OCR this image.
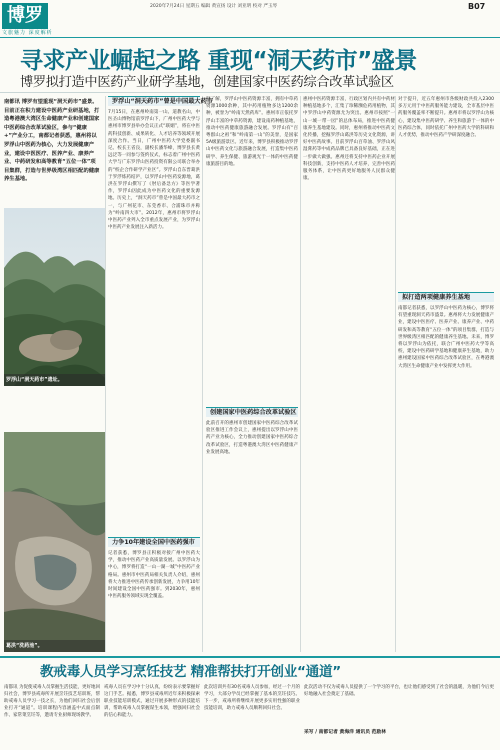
博罗
文旅魅力 深度解析
2020年7月24日 星期五 编辑 黄宣扬 设计 刘亚明 校对 严玉琴	B07
寻求产业崛起之路 重现“洞天药市”盛景
博罗拟打造中医药产业研学基地，创建国家中医药综合改革试验区
南都讯 博罗有望重现“洞天药市”盛景。目前正在积力建设中医药产业研基地，打造粤港澳大湾区生命健康产业和创建国家中医药综合改革试验区，参与“健康+”产业分工，南都记者获悉，惠州将以罗浮山中医药为核心，大力发展健康产业，建设中医医疗、医养产业、康养产业、中药研发和高等教育“五位一体”项目集群，打造与世界级湾区相匹配的健康养生基地。
罗浮山“洞天药市”遗址。
葛洪“洗药池”。
罗浮山“洞天药市”曾是中国最大药市
7月15日，在惠州岭南第一山、道教名山，中医圣山博物馆前罗浮山下，广州中医药大学与惠州市博罗县举办会议正式“联姻”，将在中医药科技创新、成果转化、人才培养等领域开展深度合作。当日，广州中医药大学党委副书记、校长王省良，副校长潘华峰，博罗县长黄远泛等一同参与签约仪式，标志着广州中医药大学与广东罗浮山医药投资有限公司联合举办的“校企合作研学产业区”。罗浮山自东晋葛洪于罗浮炼药结庐，以罗浮山中医药发源地，葛洪在罗浮山撰写了《肘后备急方》等医学著作，罗浮山因此成为中医药文化的重要发源地。历史上，“洞天药市”曾是中国最大药市之一，与广州花市、东莞香市、合浦珠市并称为“岭南四大市”。2012年，惠州市将罗浮山中医药产业列入全市重点发展产业，为罗浮山中医药产业发展注入新活力。
力争10年建设全国中医药强市
记者获悉，博罗县正积极对接广州中医药大学，推动中医药产业高质量发展。以罗浮山为中心，博罗将打造“一山一湖一城”中医药产业格局。惠州市中医药局相关负责人介绍，惠州将大力推进中医药传承创新发展，力争用10年时间建设全国中医药强市。到2030年，惠州中医药服务领域实现全覆盖。
据了解，罗浮山中医药资源丰富，拥有中草药资源1000余种，其中药用植物多达1200余种，被誉为“岭南天然药库”。惠州市正依托罗浮山丰富的中草药资源，建设南药种植基地，推动中医药健康旅游融合发展。罗浮山有“百粤群山之祖”和“岭南第一山”的美誉，是国家5A级旅游景区。近年来，博罗县积极推动罗浮山中医药文化与旅游融合发展，打造集中医药研学、养生保健、旅游观光于一体的中医药健康旅游目的地。
创建国家中医药综合改革试验区
此前召开的惠州市创建国家中医药综合改革试验区推进工作会议上，惠州提出以罗浮山中医药产业为核心，全力推动创建国家中医药综合改革试验区，打造粤港澳大湾区中医药健康产业发展高地。
惠州中医药资源丰富，行政区划内共有中药材种植基地多个，汇集了珍稀濒危药用植物，其中罗浮山中药资源尤为突出。惠州市按照“一山一城一带一园”的总体布局，推进中医药健康养生基地建设。同时，惠州将推动中医药文化传播，挖掘罗浮山葛洪等历史文化资源，讲好中医药故事。目前罗浮山百草油、罗浮山风湿膏药等中成药品牌已具备良好基础，正在进一步做大做强。惠州还将支持中医药企业开展科技创新，支持中医药人才培养，完善中医药服务体系，让中医药更好地服务人民群众健康。
对于提升，近五年惠州市各级财政共投入2300多万元用于中医药服务能力建设，全市基层中医药服务覆盖率不断提升。惠州市将以罗浮山为核心，建设集中医药研学、养生和旅游于一体的中医药综合体，同时依托广州中医药大学的科研和人才优势，推动中医药产学研深度融合。
拟打造两项健康养生基地
南都记者获悉，以罗浮山中医药为核心，博罗将有望重现洞天药市盛景。惠州将大力发展健康产业，建设中医医疗、医养产业、康养产业、中药研发和高等教育“五位一体”的项目集群，打造与世界级湾区相匹配的健康养生基地。未来，博罗将以罗浮山为依托，联合广州中医药大学等高校，建设中医药研学基地和健康养生基地，助力惠州建设国家中医药综合改革试验区，在粤港澳大湾区生命健康产业中发挥更大作用。
教戒毒人员学习烹饪技艺 精准帮扶打开创业“通道”
南都讯 为促使戒毒人员掌握生活技能，更好地回归社会，博罗县戒毒所开展烹饪技艺培训班，帮助戒毒人员学习一技之长，为他们回归社会后创业打开“通道”。培训课程内容涵盖中式面点制作、家常菜烹饪等，邀请专业厨师现场教学。
戒毒人员在学习中十分认真，纷纷表示要掌握好这门手艺。据悉，博罗县戒毒所近年来积极探索职业技能培训模式，通过开展多种形式的技能培训，帮助戒毒人员掌握谋生本领，增强回归社会的信心和能力。
此次培训共有30名戒毒人员参加，经过一个月的学习，大部分学员已经掌握了基本的烹饪技巧。下一步，戒毒所将继续开展更多实用性强的职业技能培训，助力戒毒人员顺利回归社会。
此次活动不仅为戒毒人员提供了一个学习的平台，也让他们感受到了社会的温暖，为他们今后更好地融入社会奠定了基础。
采写 / 南都记者 黄海洋 通讯员 范励林
